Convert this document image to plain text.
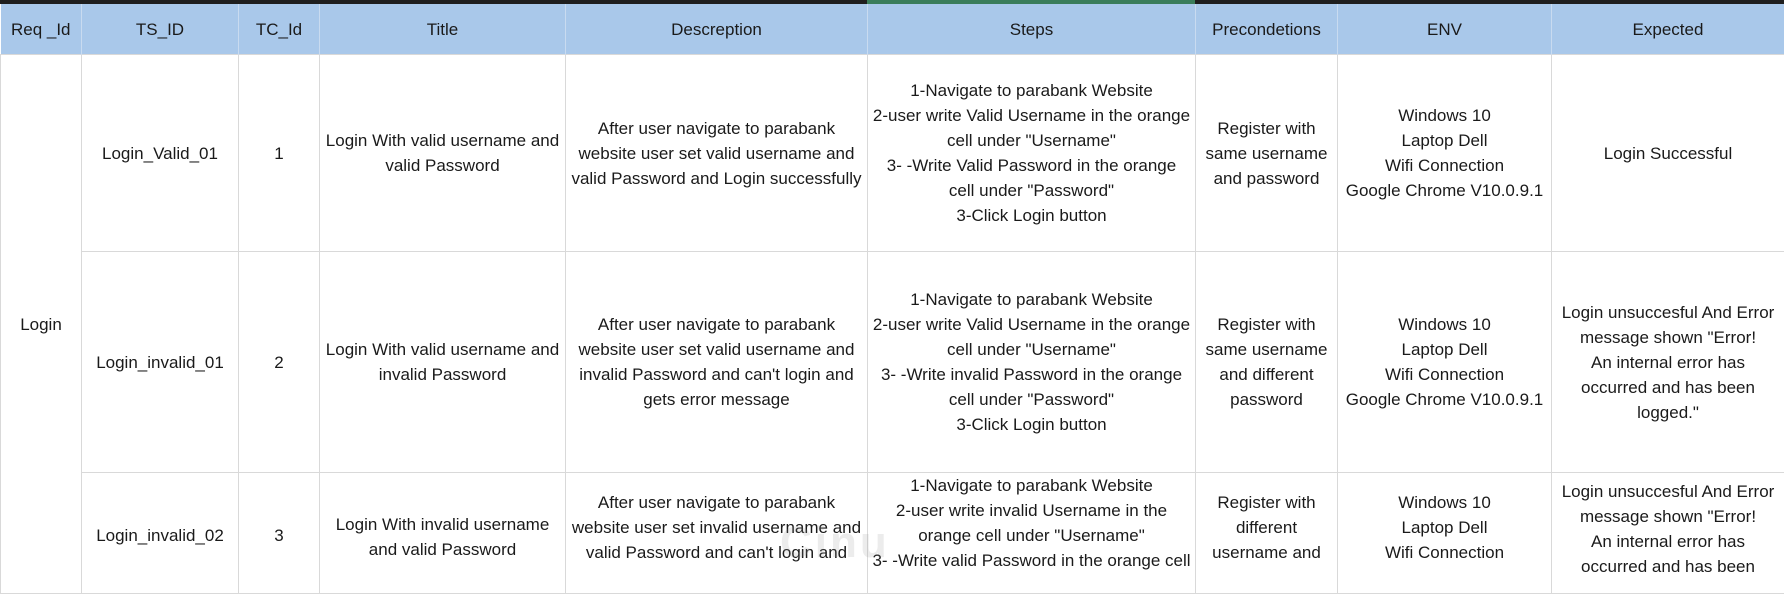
Req _Id	TS_ID	TC_Id	Title	Descreption	Steps	Precondetions	ENV	Expected
Login	Login_Valid_01	1	Login With valid username and valid Password	After user navigate to parabank website user set valid username and valid Password and Login successfully	1-Navigate to parabank Website
2-user write Valid Username in the orange cell under "Username"
3- -Write Valid Password in the orange cell under "Password"
3-Click Login button	Register with same username and password	Windows 10
Laptop Dell
Wifi Connection
Google Chrome V10.0.9.1	Login Successful
	Login_invalid_01	2	Login With valid username and invalid Password	After user navigate to parabank website user set valid username and invalid Password and can't login and gets error message	1-Navigate to parabank Website
2-user write Valid Username in the orange cell under "Username"
3- -Write invalid Password in the orange cell under "Password"
3-Click Login button	Register with same username and different password	Windows 10
Laptop Dell
Wifi Connection
Google Chrome V10.0.9.1	Login unsuccesful And Error message shown "Error!
An internal error has occurred and has been logged."

	Login_invalid_02	3	Login With invalid username and valid Password	After user navigate to parabank website user set invalid username and valid Password and can't login and	1-Navigate to parabank Website
2-user write invalid Username in the orange cell under "Username"
3- -Write valid Password in the orange cell	Register with different username and	Windows 10
Laptop Dell
Wifi Connection	Login unsuccesful And Error message shown "Error!
An internal error has occurred and has been
Cinu
